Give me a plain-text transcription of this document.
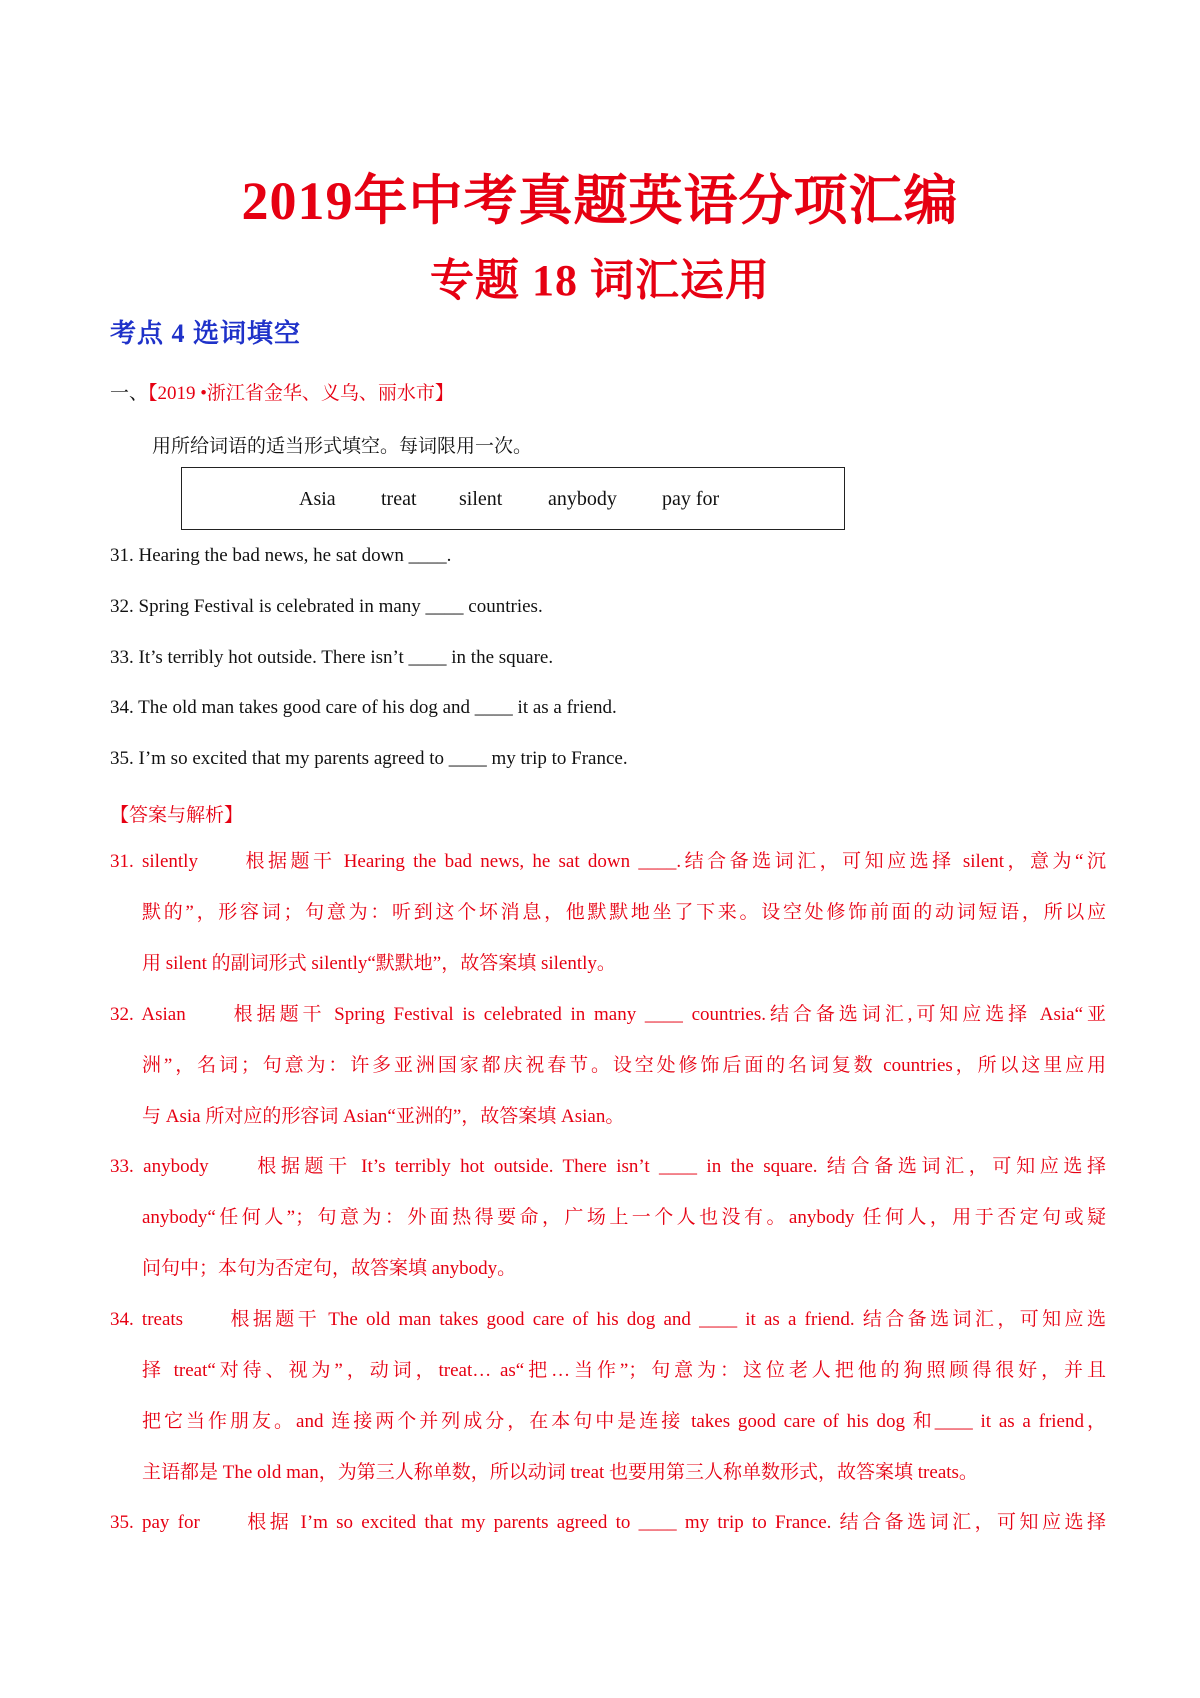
2019年中考真题英语分项汇编
专题 18 词汇运用
考点 4 选词填空

一、【2019 •浙江省金华、义乌、丽水市】

用所给词语的适当形式填空。每词限用一次。

Asia treat silent anybody pay for

31. Hearing the bad news, he sat down ____.

32. Spring Festival is celebrated in many ____ countries.

33. It’s terribly hot outside. There isn’t ____ in the square.

34. The old man takes good care of his dog and ____ it as a friend.

35. I’m so excited that my parents agreed to ____ my trip to France.

【答案与解析】

31. silently 根据题干 Hearing the bad news, he sat down ____.结合备选词汇，可知应选择 silent，意为“沉
默的”，形容词；句意为：听到这个坏消息，他默默地坐了下来。设空处修饰前面的动词短语，所以应
用 silent 的副词形式 silently“默默地”，故答案填 silently。
32. Asian 根据题干 Spring Festival is celebrated in many ____ countries.结合备选词汇,可知应选择 Asia“亚
洲”，名词；句意为：许多亚洲国家都庆祝春节。设空处修饰后面的名词复数 countries，所以这里应用
与 Asia 所对应的形容词 Asian“亚洲的”，故答案填 Asian。
33. anybody 根据题干 It’s terribly hot outside. There isn’t ____ in the square. 结合备选词汇，可知应选择
anybody“任何人”；句意为：外面热得要命，广场上一个人也没有。anybody 任何人，用于否定句或疑
问句中；本句为否定句，故答案填 anybody。
34. treats 根据题干 The old man takes good care of his dog and ____ it as a friend. 结合备选词汇，可知应选
择 treat“对待、视为”，动词，treat… as“把…当作”；句意为：这位老人把他的狗照顾得很好，并且
把它当作朋友。and 连接两个并列成分，在本句中是连接 takes good care of his dog 和____ it as a friend，
主语都是 The old man，为第三人称单数，所以动词 treat 也要用第三人称单数形式，故答案填 treats。
35. pay for 根据 I’m so excited that my parents agreed to ____ my trip to France. 结合备选词汇，可知应选择
